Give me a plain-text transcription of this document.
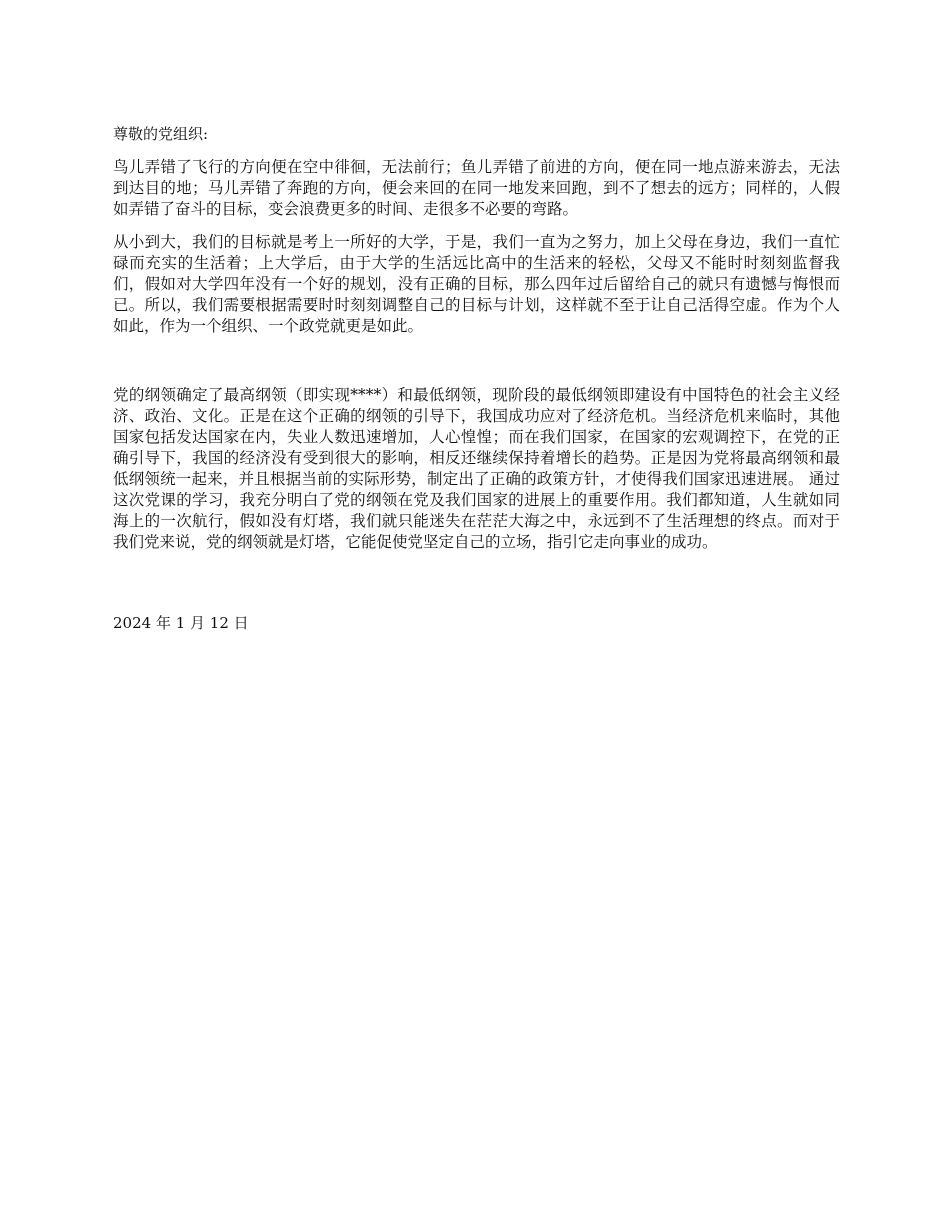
尊敬的党组织:

鸟儿弄错了飞行的方向便在空中徘徊，无法前行；鱼儿弄错了前进的方向，便在同一地点游来游去，无法到达目的地；马儿弄错了奔跑的方向，便会来回的在同一地发来回跑，到不了想去的远方；同样的，人假如弄错了奋斗的目标，变会浪费更多的时间、走很多不必要的弯路。

从小到大，我们的目标就是考上一所好的大学，于是，我们一直为之努力，加上父母在身边，我们一直忙碌而充实的生活着；上大学后，由于大学的生活远比高中的生活来的轻松，父母又不能时时刻刻监督我们，假如对大学四年没有一个好的规划，没有正确的目标，那么四年过后留给自己的就只有遗憾与悔恨而已。所以，我们需要根据需要时时刻刻调整自己的目标与计划，这样就不至于让自己活得空虚。作为个人如此，作为一个组织、一个政党就更是如此。

党的纲领确定了最高纲领（即实现****）和最低纲领，现阶段的最低纲领即建设有中国特色的社会主义经济、政治、文化。正是在这个正确的纲领的引导下，我国成功应对了经济危机。当经济危机来临时，其他国家包括发达国家在内，失业人数迅速增加，人心惶惶；而在我们国家，在国家的宏观调控下，在党的正确引导下，我国的经济没有受到很大的影响，相反还继续保持着增长的趋势。正是因为党将最高纲领和最低纲领统一起来，并且根据当前的实际形势，制定出了正确的政策方针，才使得我们国家迅速进展。 通过这次党课的学习，我充分明白了党的纲领在党及我们国家的进展上的重要作用。我们都知道，人生就如同海上的一次航行，假如没有灯塔，我们就只能迷失在茫茫大海之中，永远到不了生活理想的终点。而对于我们党来说，党的纲领就是灯塔，它能促使党坚定自己的立场，指引它走向事业的成功。

2024 年 1 月 12 日
